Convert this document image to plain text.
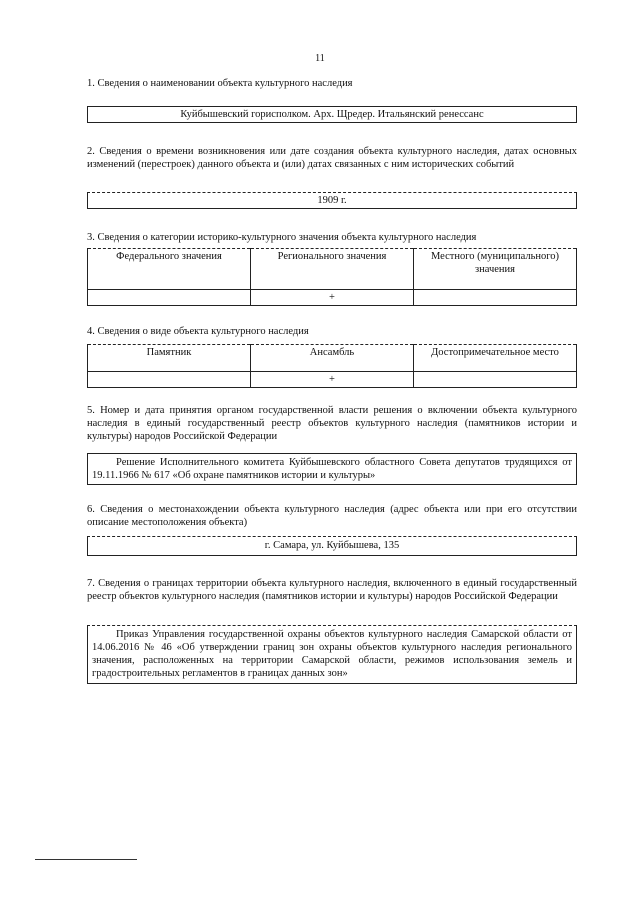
11
1. Сведения о наименовании объекта культурного наследия
Куйбышевский горисполком. Арх. Щредер. Итальянский ренессанс
2. Сведения о времени возникновения или дате создания объекта культурного наследия, датах основных изменений (перестроек) данного объекта и (или) датах связанных с ним исторических событий
1909 г.
3. Сведения о категории историко-культурного значения объекта культурного наследия
Федерального значения	Регионального значения	Местного (муниципального) значения
	+	
4. Сведения о виде объекта культурного наследия
Памятник	Ансамбль	Достопримечательное место
	+	
5. Номер и дата принятия органом государственной власти решения о включении объекта культурного наследия в единый государственный реестр объектов культурного наследия (памятников истории и культуры) народов Российской Федерации
Решение Исполнительного комитета Куйбышевского областного Совета депутатов трудящихся от 19.11.1966 № 617 «Об охране памятников истории и культуры»
6. Сведения о местонахождении объекта культурного наследия (адрес объекта или при его отсутствии описание местоположения объекта)
г. Самара, ул. Куйбышева, 135
7. Сведения о границах территории объекта культурного наследия, включенного в единый государственный реестр объектов культурного наследия (памятников истории и культуры) народов Российской Федерации
Приказ Управления государственной охраны объектов культурного наследия Самарской области от 14.06.2016 № 46 «Об утверждении границ зон охраны объектов культурного наследия регионального значения, расположенных на территории Самарской области, режимов использования земель и градостроительных регламентов в границах данных зон»
